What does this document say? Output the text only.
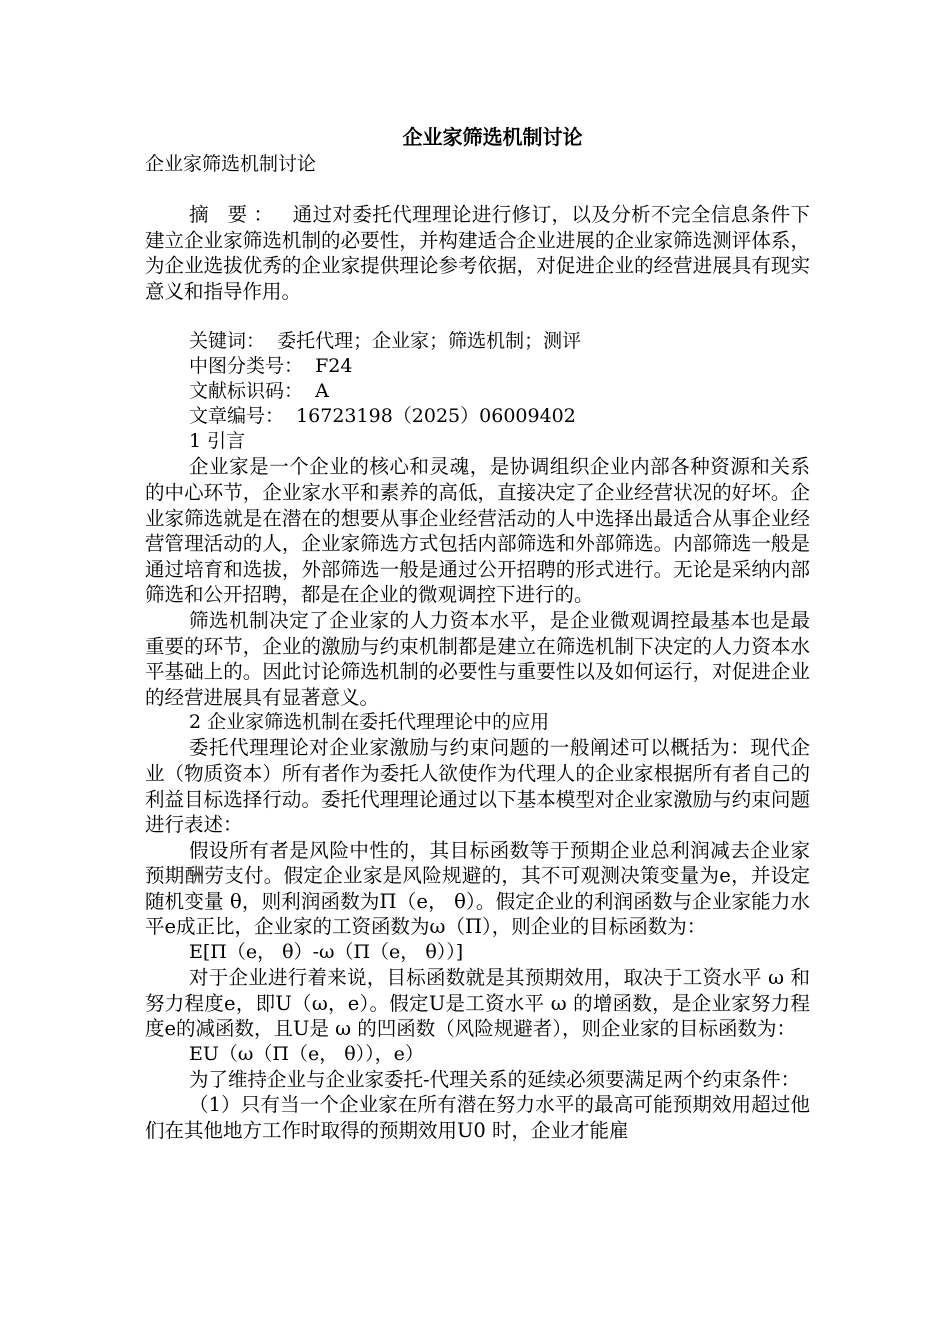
企业家筛选机制讨论

企业家筛选机制讨论

摘 要： 通过对委托代理理论进行修订，以及分析不完全信息条件下建立企业家筛选机制的必要性，并构建适合企业进展的企业家筛选测评体系，为企业选拔优秀的企业家提供理论参考依据，对促进企业的经营进展具有现实意义和指导作用。

关键词：  委托代理；企业家；筛选机制；测评

中图分类号：  F24

文献标识码：  A

文章编号：  16723198（2025）06009402

1 引言

企业家是一个企业的核心和灵魂，是协调组织企业内部各种资源和关系的中心环节，企业家水平和素养的高低，直接决定了企业经营状况的好坏。企业家筛选就是在潜在的想要从事企业经营活动的人中选择出最适合从事企业经营管理活动的人，企业家筛选方式包括内部筛选和外部筛选。内部筛选一般是通过培育和选拔，外部筛选一般是通过公开招聘的形式进行。无论是采纳内部筛选和公开招聘，都是在企业的微观调控下进行的。

筛选机制决定了企业家的人力资本水平，是企业微观调控最基本也是最重要的环节，企业的激励与约束机制都是建立在筛选机制下决定的人力资本水平基础上的。因此讨论筛选机制的必要性与重要性以及如何运行，对促进企业的经营进展具有显著意义。

2 企业家筛选机制在委托代理理论中的应用

委托代理理论对企业家激励与约束问题的一般阐述可以概括为：现代企业（物质资本）所有者作为委托人欲使作为代理人的企业家根据所有者自己的利益目标选择行动。委托代理理论通过以下基本模型对企业家激励与约束问题进行表述：

假设所有者是风险中性的，其目标函数等于预期企业总利润减去企业家预期酬劳支付。假定企业家是风险规避的，其不可观测决策变量为e，并设定随机变量 θ，则利润函数为Π（e， θ）。假定企业的利润函数与企业家能力水平e成正比，企业家的工资函数为ω（Π），则企业的目标函数为：

E[Π（e， θ）-ω（Π（e， θ））]

对于企业进行着来说，目标函数就是其预期效用，取决于工资水平 ω 和努力程度e，即U（ω，e）。假定U是工资水平 ω 的增函数，是企业家努力程度e的减函数，且U是 ω 的凹函数（风险规避者），则企业家的目标函数为：

EU（ω（Π（e， θ）），e）

为了维持企业与企业家委托-代理关系的延续必须要满足两个约束条件：

（1）只有当一个企业家在所有潜在努力水平的最高可能预期效用超过他们在其他地方工作时取得的预期效用U0 时，企业才能雇
